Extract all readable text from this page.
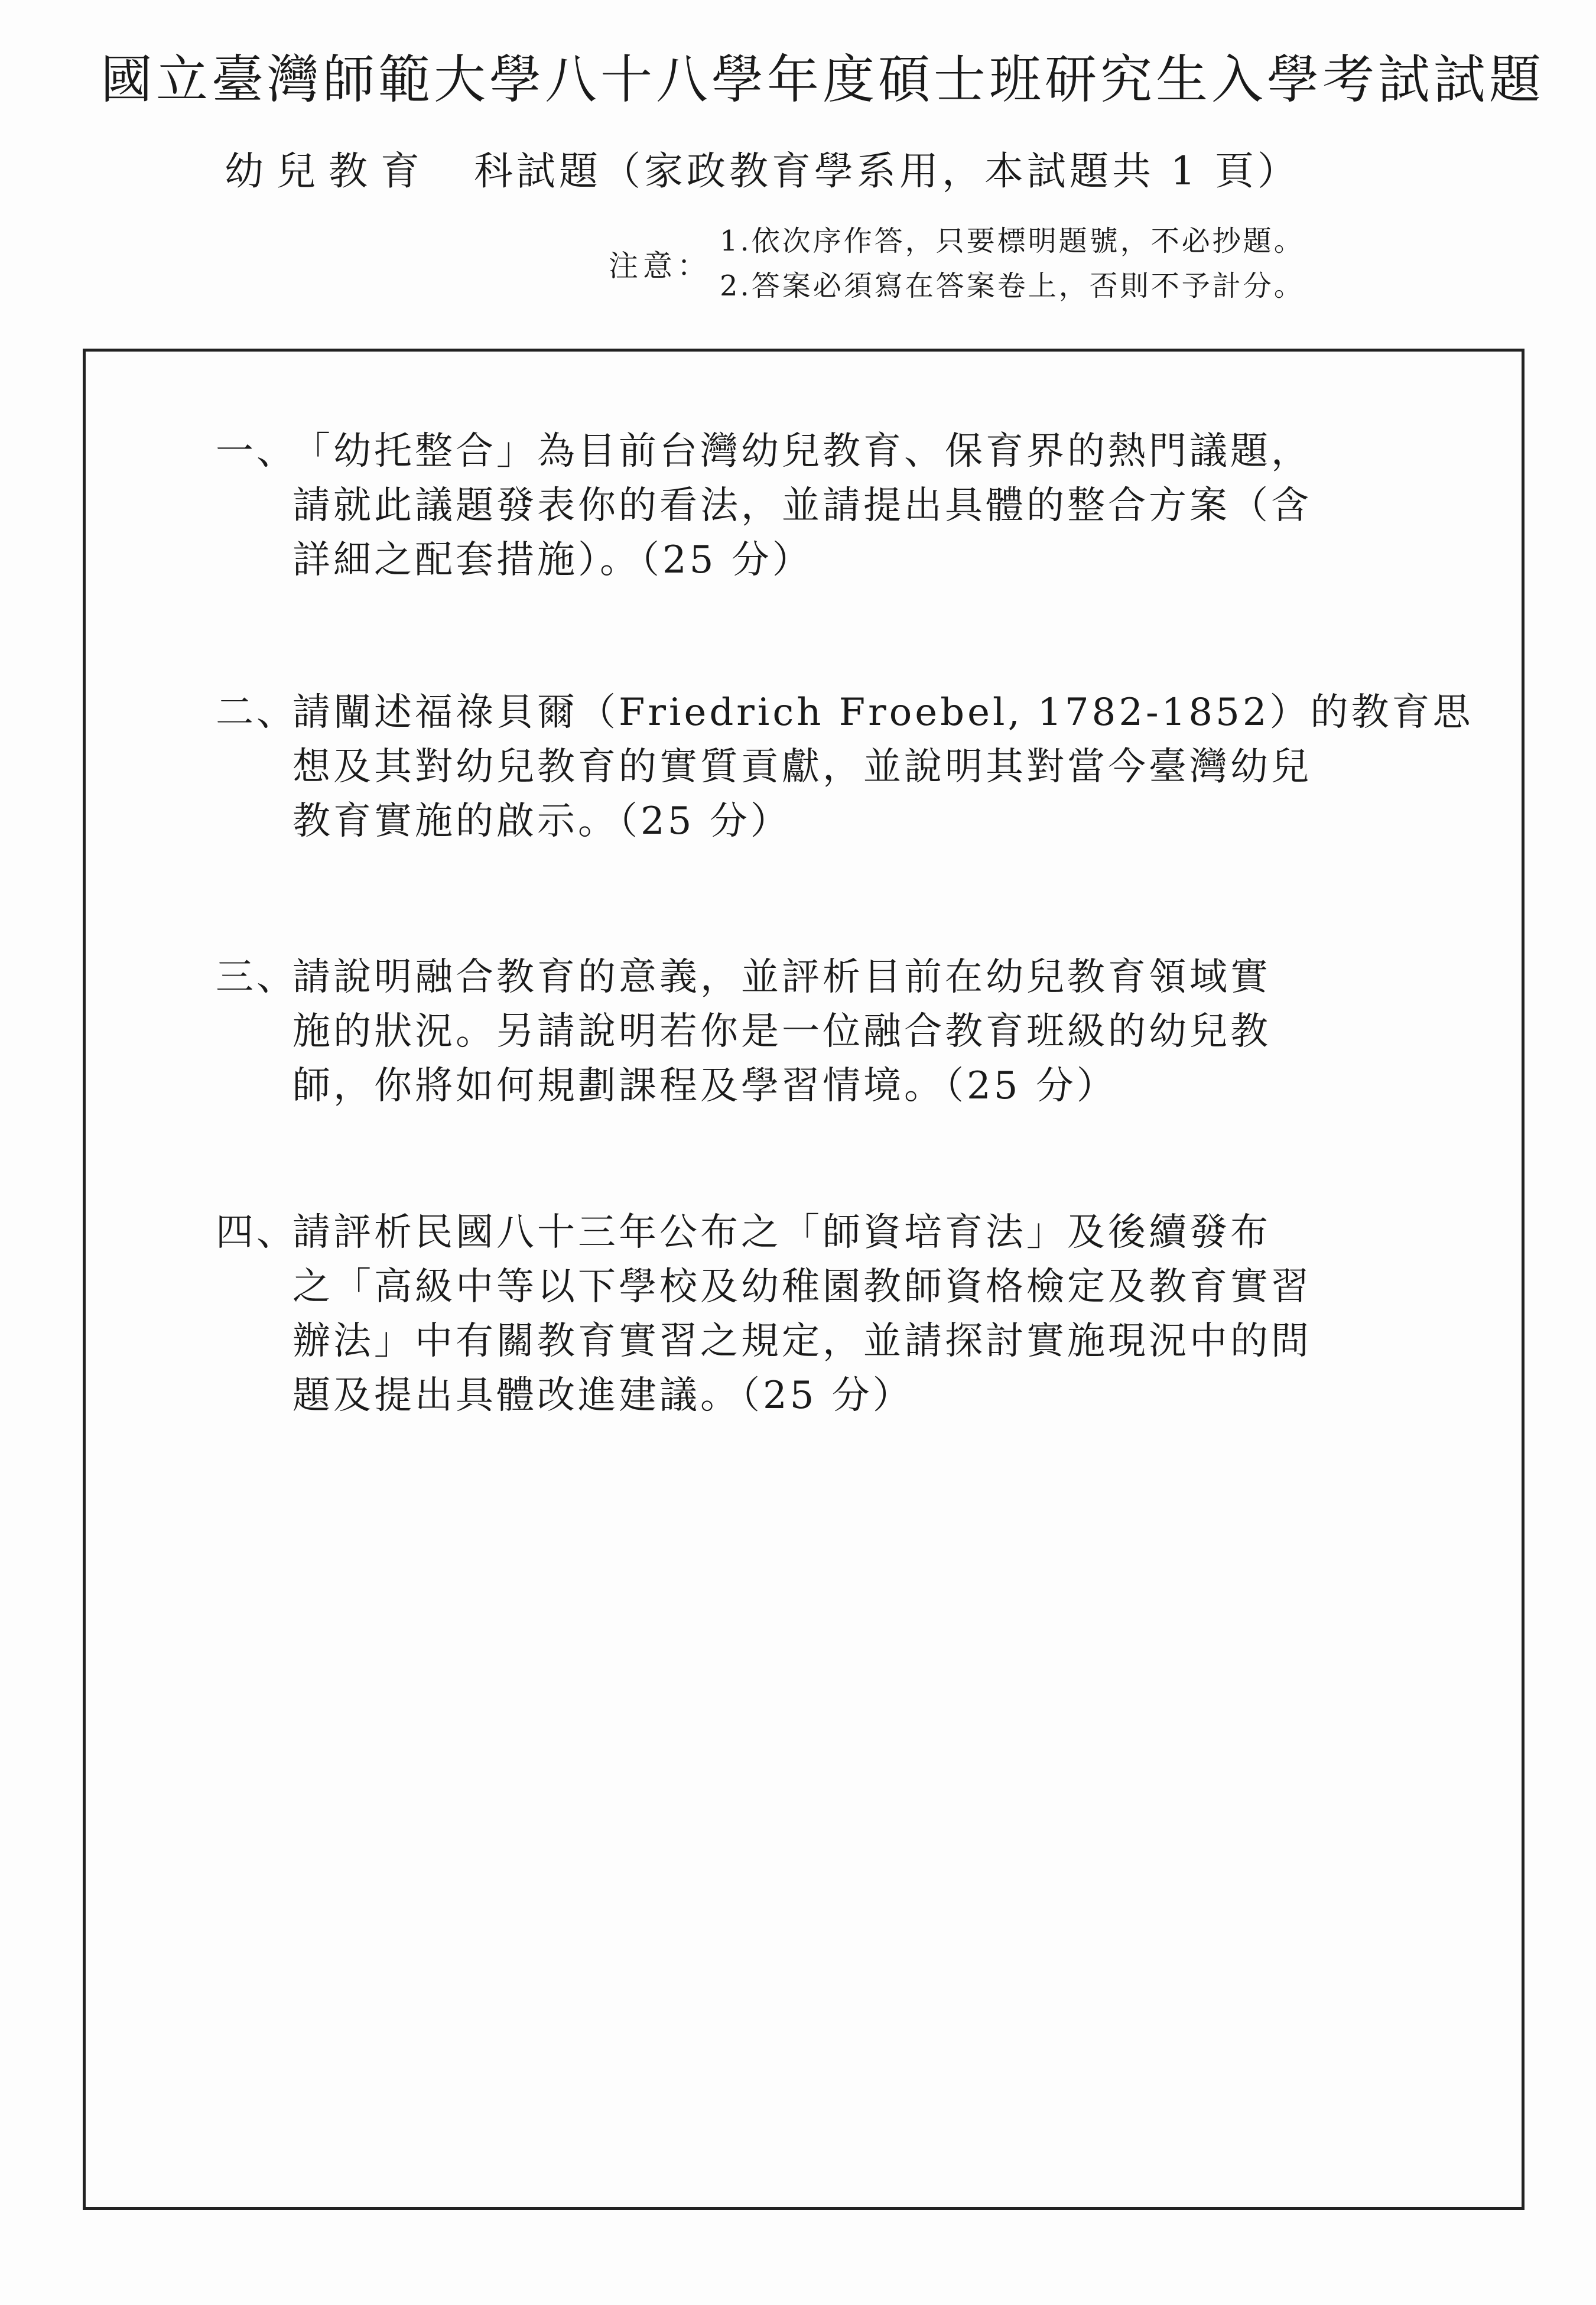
國立臺灣師範大學八十八學年度碩士班研究生入學考試試題
幼兒教育 科試題（家政教育學系用，本試題共 1 頁）
注意：
1.依次序作答，只要標明題號，不必抄題。
2.答案必須寫在答案卷上，否則不予計分。
一、
「幼托整合」為目前台灣幼兒教育、保育界的熱門議題，
請就此議題發表你的看法，並請提出具體的整合方案（含
詳細之配套措施）。（25 分）
二、
請闡述福祿貝爾（Friedrich Froebel, 1782-1852）的教育思
想及其對幼兒教育的實質貢獻，並說明其對當今臺灣幼兒
教育實施的啟示。（25 分）
三、
請說明融合教育的意義，並評析目前在幼兒教育領域實
施的狀況。另請說明若你是一位融合教育班級的幼兒教
師，你將如何規劃課程及學習情境。（25 分）
四、
請評析民國八十三年公布之「師資培育法」及後續發布
之「高級中等以下學校及幼稚園教師資格檢定及教育實習
辦法」中有關教育實習之規定，並請探討實施現況中的問
題及提出具體改進建議。（25 分）
